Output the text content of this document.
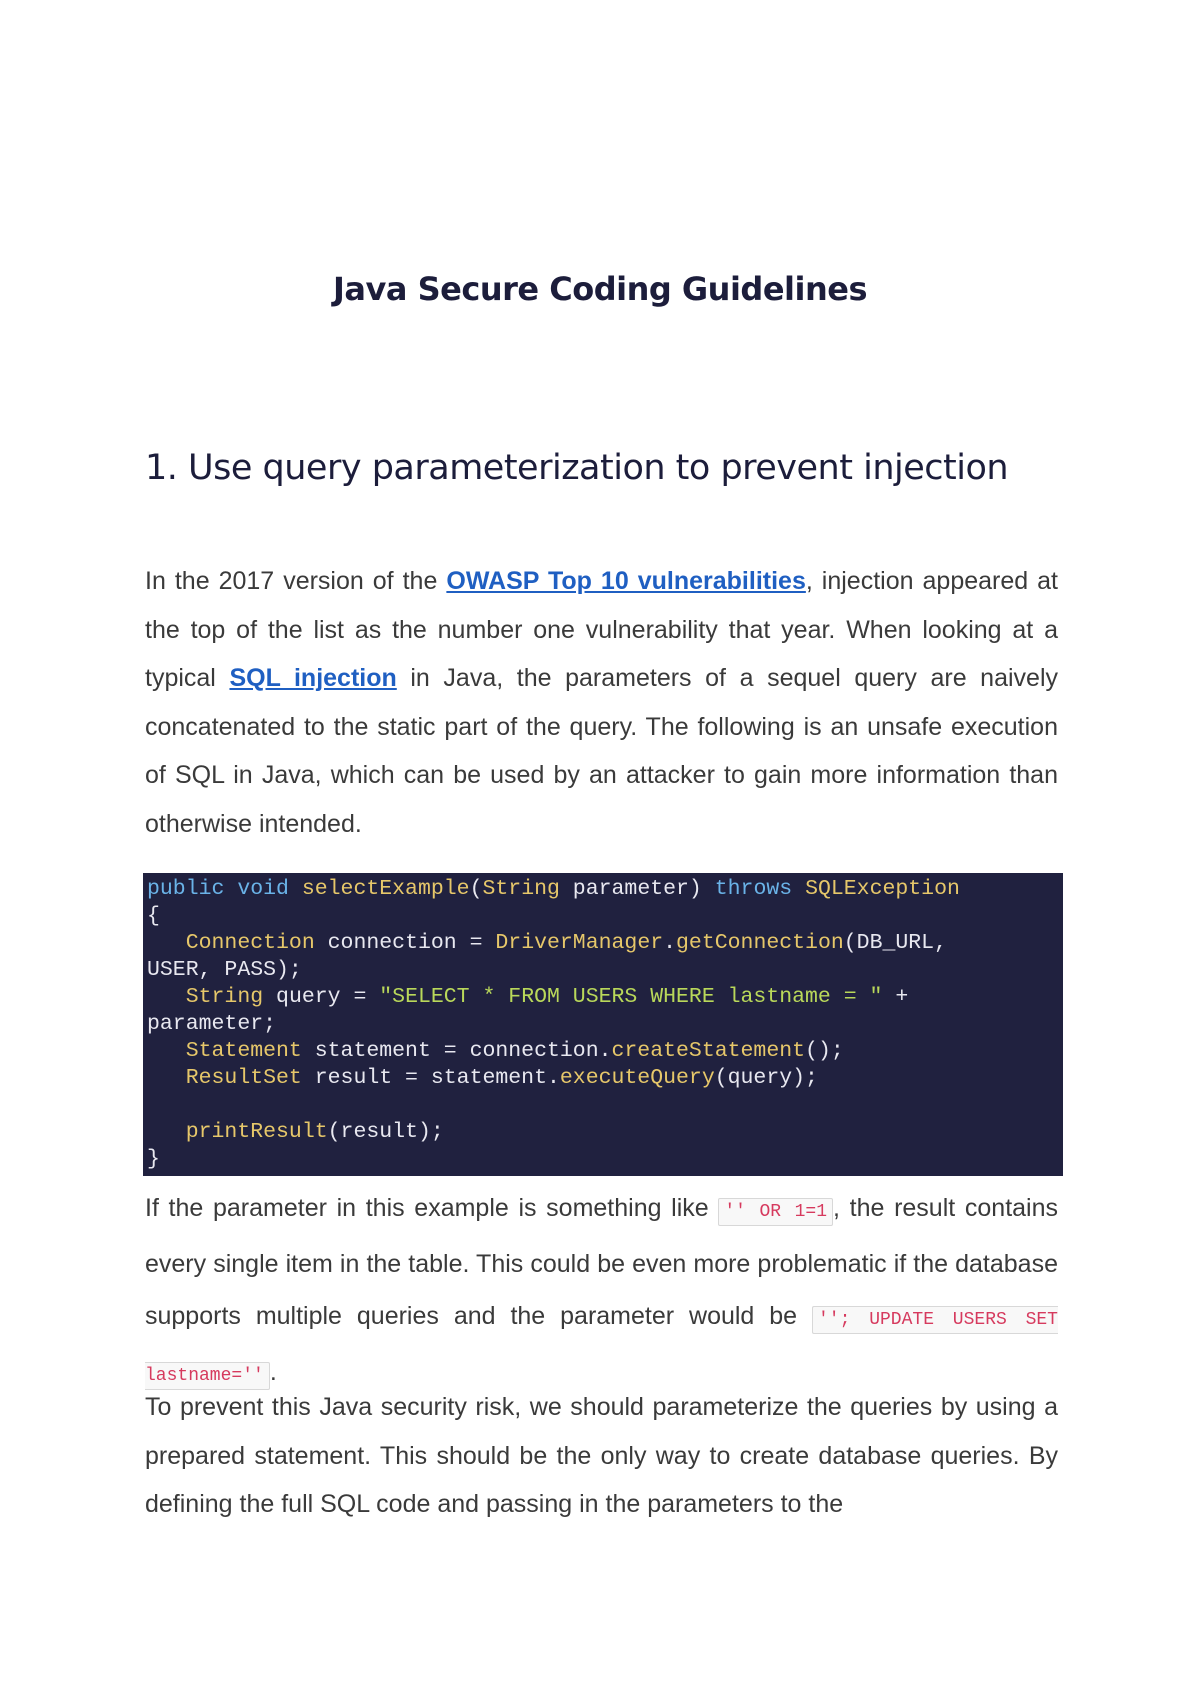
Java Secure Coding Guidelines
1. Use query parameterization to prevent injection

In the 2017 version of the OWASP Top 10 vulnerabilities, injection appeared at the top of the list as the number one vulnerability that year. When looking at a typical SQL injection in Java, the parameters of a sequel query are naively concatenated to the static part of the query. The following is an unsafe execution of SQL in Java, which can be used by an attacker to gain more information than otherwise intended.

public void selectExample(String parameter) throws SQLException
{
Connection connection = DriverManager.getConnection(DB_URL,
USER, PASS);
String query = "SELECT * FROM USERS WHERE lastname = " +
parameter;
Statement statement = connection.createStatement();
ResultSet result = statement.executeQuery(query);
printResult(result);
}

If the parameter in this example is something like '' OR 1=1 , the result contains every single item in the table. This could be even more problematic if the database supports multiple queries and the parameter would be ''; UPDATE USERS SET lastname='' .

To prevent this Java security risk, we should parameterize the queries by using a prepared statement. This should be the only way to create database queries. By defining the full SQL code and passing in the parameters to the
